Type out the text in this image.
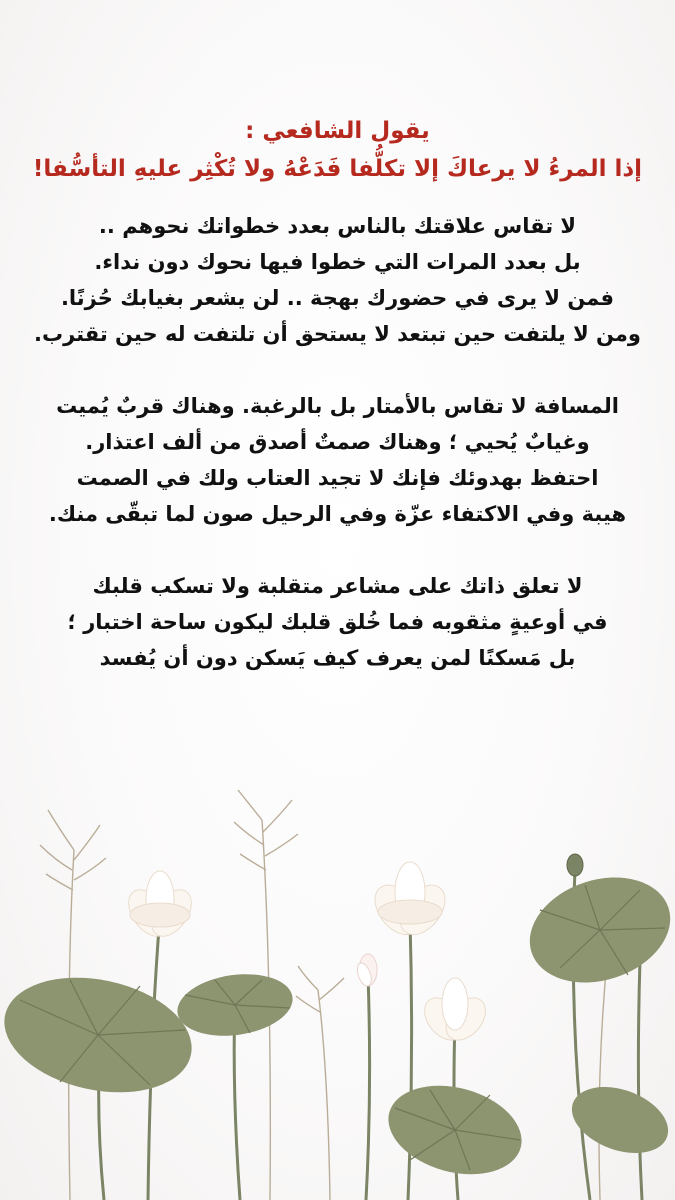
يقول الشافعي :

إذا المرءُ لا يرعاكَ إلا تكلُّفا فَدَعْهُ ولا تُكْثِر عليهِ التأسُّفا!

لا تقاس علاقتك بالناس بعدد خطواتك نحوهم ..

بل بعدد المرات التي خطوا فيها نحوك دون نداء.

فمن لا يرى في حضورك بهجة .. لن يشعر بغيابك حُزنًا.

ومن لا يلتفت حين تبتعد لا يستحق أن تلتفت له حين تقترب.

المسافة لا تقاس بالأمتار بل بالرغبة. وهناك قربٌ يُميت

وغيابٌ يُحيي ؛ وهناك صمتٌ أصدق من ألف اعتذار.

احتفظ بهدوئك فإنك لا تجيد العتاب ولك في الصمت

هيبة وفي الاكتفاء عزّة وفي الرحيل صون لما تبقّى منك.

لا تعلق ذاتك على مشاعر متقلبة ولا تسكب قلبك

في أوعيةٍ مثقوبه فما خُلق قلبك ليكون ساحة اختبار ؛

بل مَسكنًا لمن يعرف كيف يَسكن دون أن يُفسد
